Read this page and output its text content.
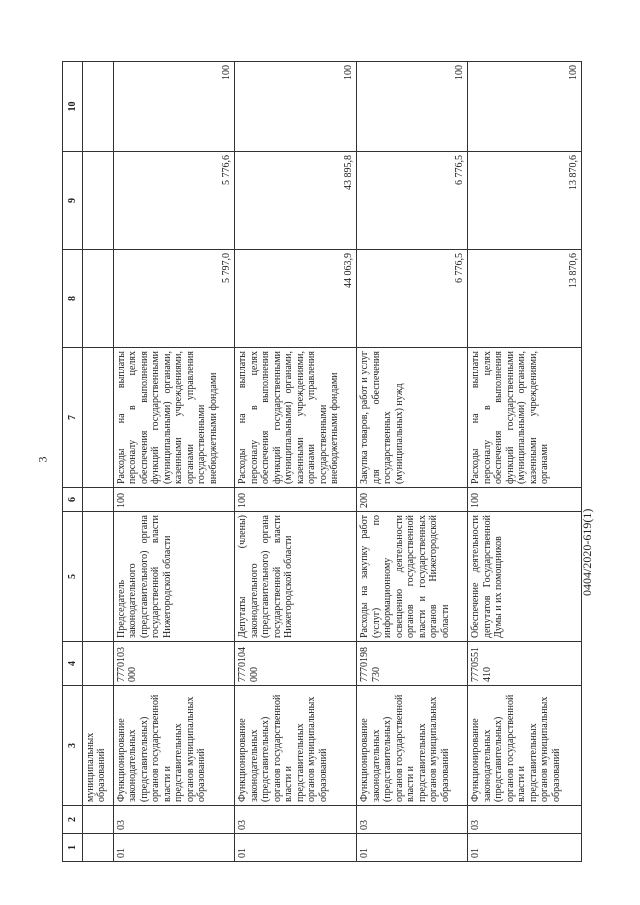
3
0404/2020-619(1)
1	2	3	4	5	6	7	8	9	10
		муниципальных образований							
01	03	Функционирование законодательных (представительных) органов государственной власти и представительных органов муниципальных образований	7770103 000	Председатель законодательного (представительного) органа государственной власти Нижегородской области	100	Расходы на выплаты персоналу в целях обеспечения выполнения функций государственными (муниципальными) органами, казенными учреждениями, органами управления государственными внебюджетными фондами	5 797,0	5 776,6	100
01	03	Функционирование законодательных (представительных) органов государственной власти и представительных органов муниципальных образований	7770104 000	Депутаты (члены) законодательного (представительного) органа государственной власти Нижегородской области	100	Расходы на выплаты персоналу в целях обеспечения выполнения функций государственными (муниципальными) органами, казенными учреждениями, органами управления государственными внебюджетными фондами	44 063,9	43 895,8	100
01	03	Функционирование законодательных (представительных) органов государственной власти и представительных органов муниципальных образований	7770198 730	Расходы на закупку работ (услуг) по информационному освещению деятельности органов государственной власти и государственных органов Нижегородской области	200	Закупка товаров, работ и услуг для обеспечения государственных (муниципальных) нужд	6 776,5	6 776,5	100
01	03	Функционирование законодательных (представительных) органов государственной власти и представительных органов муниципальных образований	7770551 410	Обеспечение деятельности депутатов Государственной Думы и их помощников	100	Расходы на выплаты персоналу в целях обеспечения выполнения функций государственными (муниципальными) органами, казенными учреждениями, органами	13 870,6	13 870,6	100
